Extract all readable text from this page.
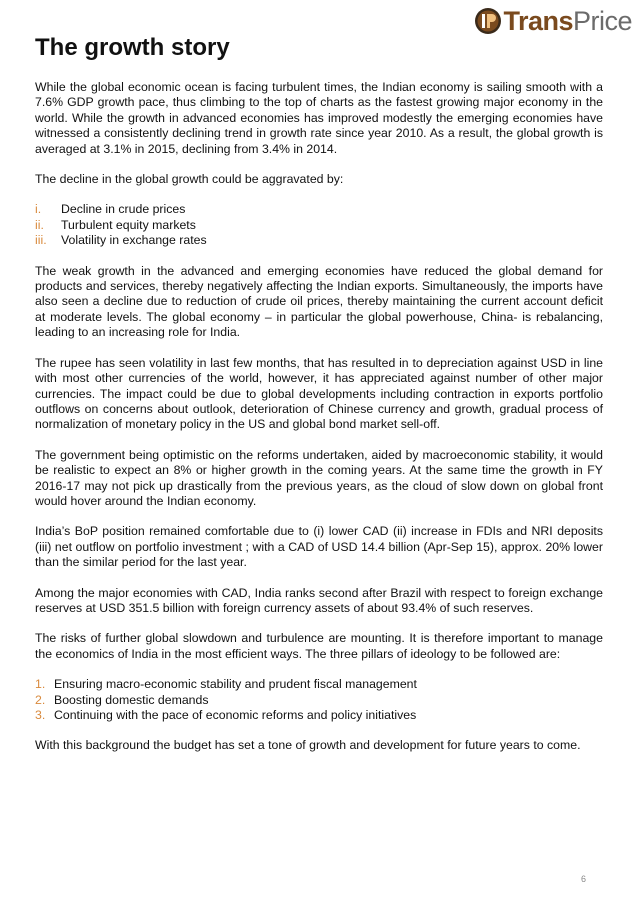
TransPrice
The growth story

While the global economic ocean is facing turbulent times, the Indian economy is sailing smooth with a 7.6% GDP growth pace, thus climbing to the top of charts as the fastest growing major economy in the world. While the growth in advanced economies has improved modestly the emerging economies have witnessed a consistently declining trend in growth rate since year 2010. As a result, the global growth is averaged at 3.1% in 2015, declining from 3.4% in 2014.

The decline in the global growth could be aggravated by:

i.	Decline in crude prices
ii.	Turbulent equity markets
iii.	Volatility in exchange rates

The weak growth in the advanced and emerging economies have reduced the global demand for products and services, thereby negatively affecting the Indian exports. Simultaneously, the imports have also seen a decline due to reduction of crude oil prices, thereby maintaining the current account deficit at moderate levels. The global economy – in particular the global powerhouse, China- is rebalancing, leading to an increasing role for India.

The rupee has seen volatility in last few months, that has resulted in to depreciation against USD in line with most other currencies of the world, however, it has appreciated against number of other major currencies. The impact could be due to global developments including contraction in exports portfolio outflows on concerns about outlook, deterioration of Chinese currency and growth, gradual process of normalization of monetary policy in the US and global bond market sell-off.

The government being optimistic on the reforms undertaken, aided by macroeconomic stability, it would be realistic to expect an 8% or higher growth in the coming years. At the same time the growth in FY 2016-17 may not pick up drastically from the previous years, as the cloud of slow down on global front would hover around the Indian economy.

India’s BoP position remained comfortable due to (i) lower CAD (ii) increase in FDIs and NRI deposits (iii) net outflow on portfolio investment ; with a CAD of USD 14.4 billion (Apr-Sep 15), approx. 20% lower than the similar period for the last year.

Among the major economies with CAD, India ranks second after Brazil with respect to foreign exchange reserves at USD 351.5 billion with foreign currency assets of about 93.4% of such reserves.

The risks of further global slowdown and turbulence are mounting. It is therefore important to manage the economics of India in the most efficient ways. The three pillars of ideology to be followed are:

1. Ensuring macro-economic stability and prudent fiscal management
2. Boosting domestic demands
3. Continuing with the pace of economic reforms and policy initiatives

With this background the budget has set a tone of growth and development for future years to come.

6
